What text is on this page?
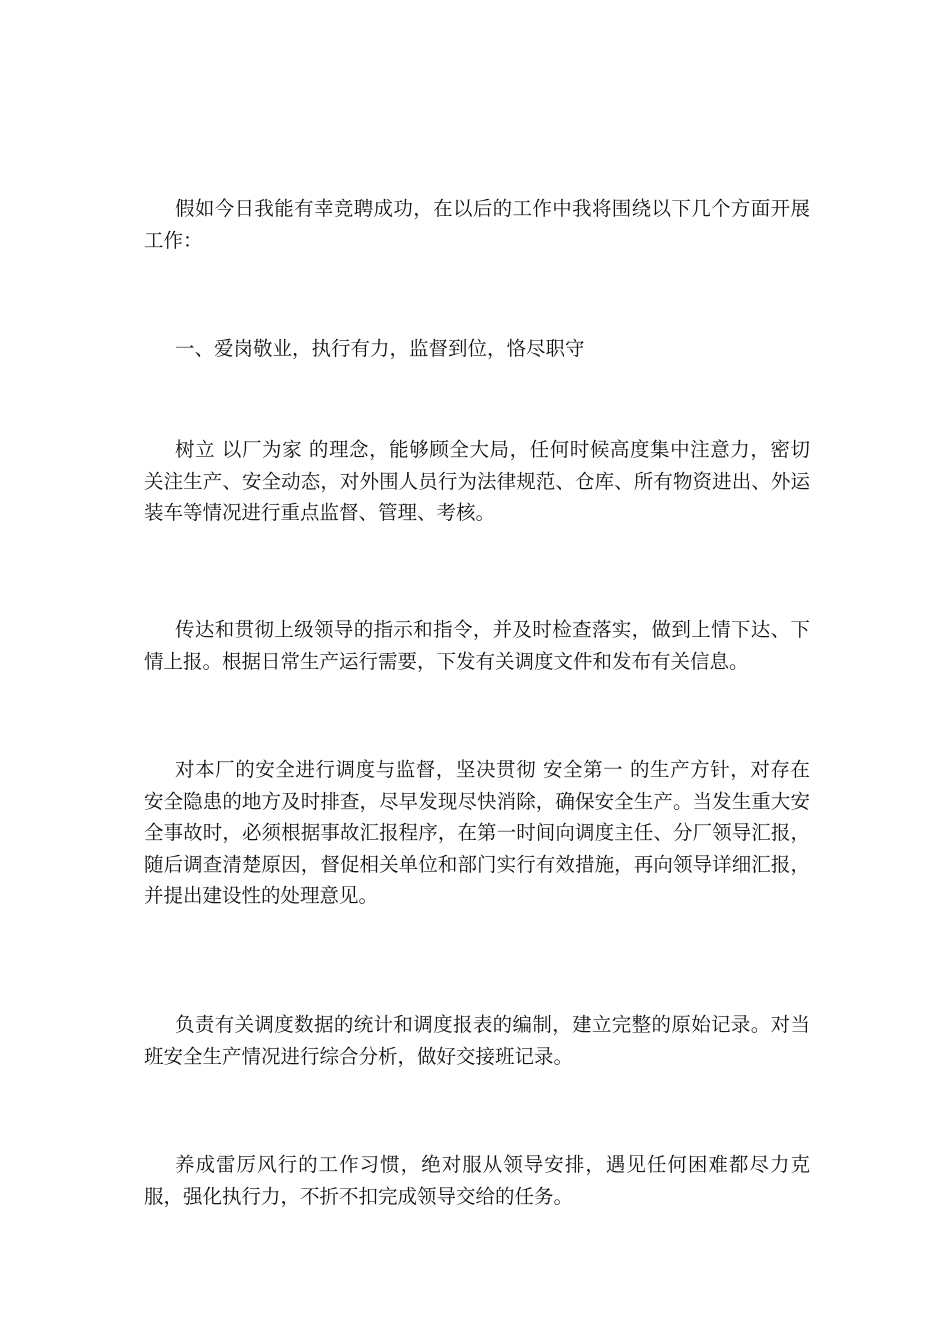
假如今日我能有幸竞聘成功，在以后的工作中我将围绕以下几个方面开展工作：

一、爱岗敬业，执行有力，监督到位，恪尽职守

树立 以厂为家 的理念，能够顾全大局，任何时候高度集中注意力，密切关注生产、安全动态，对外围人员行为法律规范、仓库、所有物资进出、外运装车等情况进行重点监督、管理、考核。

传达和贯彻上级领导的指示和指令，并及时检查落实，做到上情下达、下情上报。根据日常生产运行需要，下发有关调度文件和发布有关信息。

对本厂的安全进行调度与监督，坚决贯彻 安全第一 的生产方针，对存在安全隐患的地方及时排查，尽早发现尽快消除，确保安全生产。当发生重大安全事故时，必须根据事故汇报程序，在第一时间向调度主任、分厂领导汇报，随后调查清楚原因，督促相关单位和部门实行有效措施，再向领导详细汇报，并提出建设性的处理意见。

负责有关调度数据的统计和调度报表的编制，建立完整的原始记录。对当班安全生产情况进行综合分析，做好交接班记录。

养成雷厉风行的工作习惯，绝对服从领导安排，遇见任何困难都尽力克服，强化执行力，不折不扣完成领导交给的任务。
